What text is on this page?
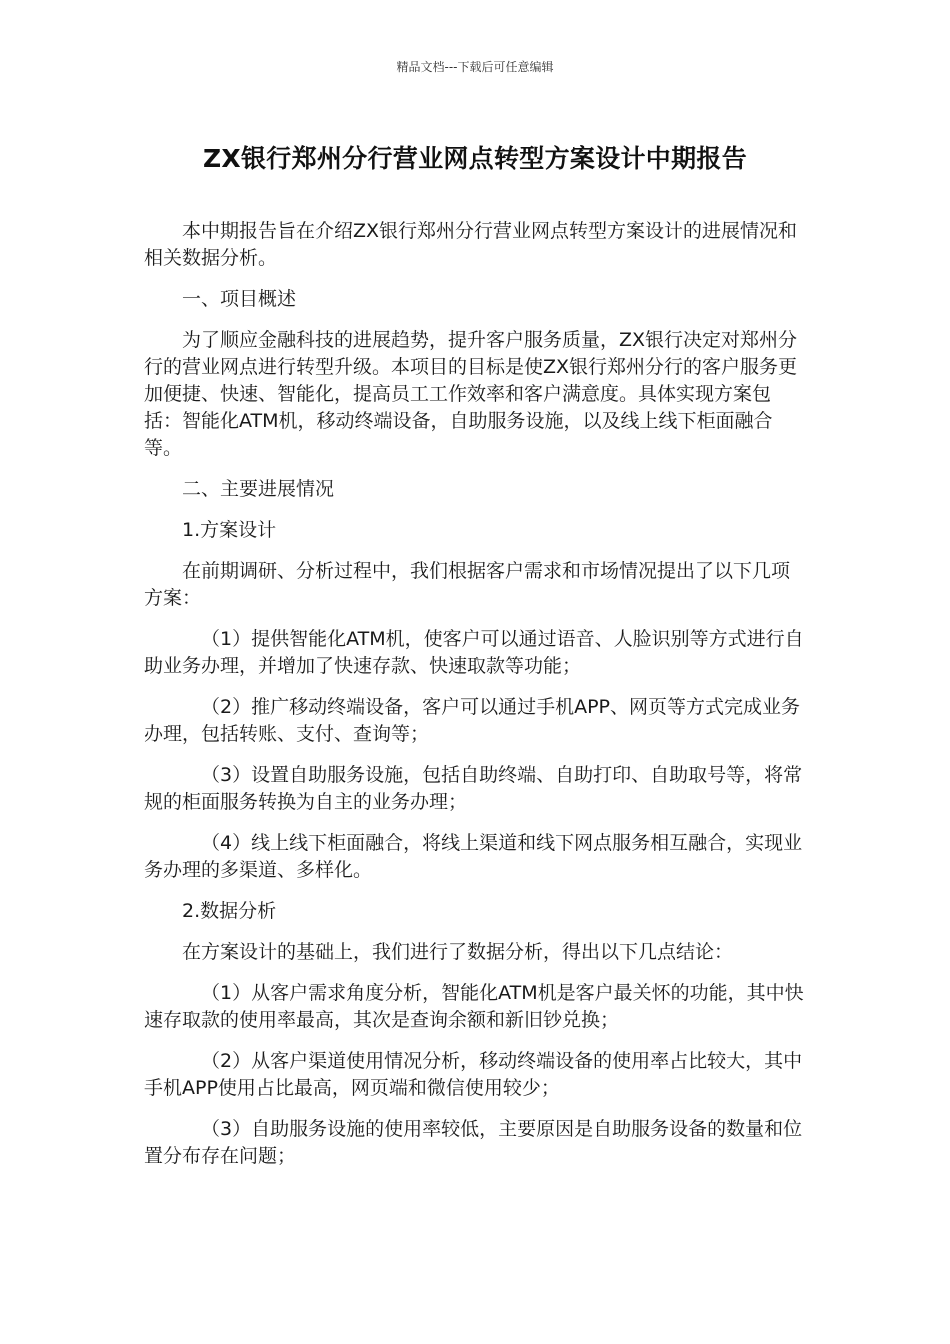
精品文档---下载后可任意编辑
ZX银行郑州分行营业网点转型方案设计中期报告

本中期报告旨在介绍ZX银行郑州分行营业网点转型方案设计的进展情况和相关数据分析。

一、项目概述

为了顺应金融科技的进展趋势，提升客户服务质量，ZX银行决定对郑州分行的营业网点进行转型升级。本项目的目标是使ZX银行郑州分行的客户服务更加便捷、快速、智能化，提高员工工作效率和客户满意度。具体实现方案包括：智能化ATM机，移动终端设备，自助服务设施，以及线上线下柜面融合等。

二、主要进展情况

1.方案设计

在前期调研、分析过程中，我们根据客户需求和市场情况提出了以下几项方案：

（1）提供智能化ATM机，使客户可以通过语音、人脸识别等方式进行自助业务办理，并增加了快速存款、快速取款等功能；

（2）推广移动终端设备，客户可以通过手机APP、网页等方式完成业务办理，包括转账、支付、查询等；

（3）设置自助服务设施，包括自助终端、自助打印、自助取号等，将常规的柜面服务转换为自主的业务办理；

（4）线上线下柜面融合，将线上渠道和线下网点服务相互融合，实现业务办理的多渠道、多样化。

2.数据分析

在方案设计的基础上，我们进行了数据分析，得出以下几点结论：

（1）从客户需求角度分析，智能化ATM机是客户最关怀的功能，其中快速存取款的使用率最高，其次是查询余额和新旧钞兑换；

（2）从客户渠道使用情况分析，移动终端设备的使用率占比较大，其中手机APP使用占比最高，网页端和微信使用较少；

（3）自助服务设施的使用率较低，主要原因是自助服务设备的数量和位置分布存在问题；
